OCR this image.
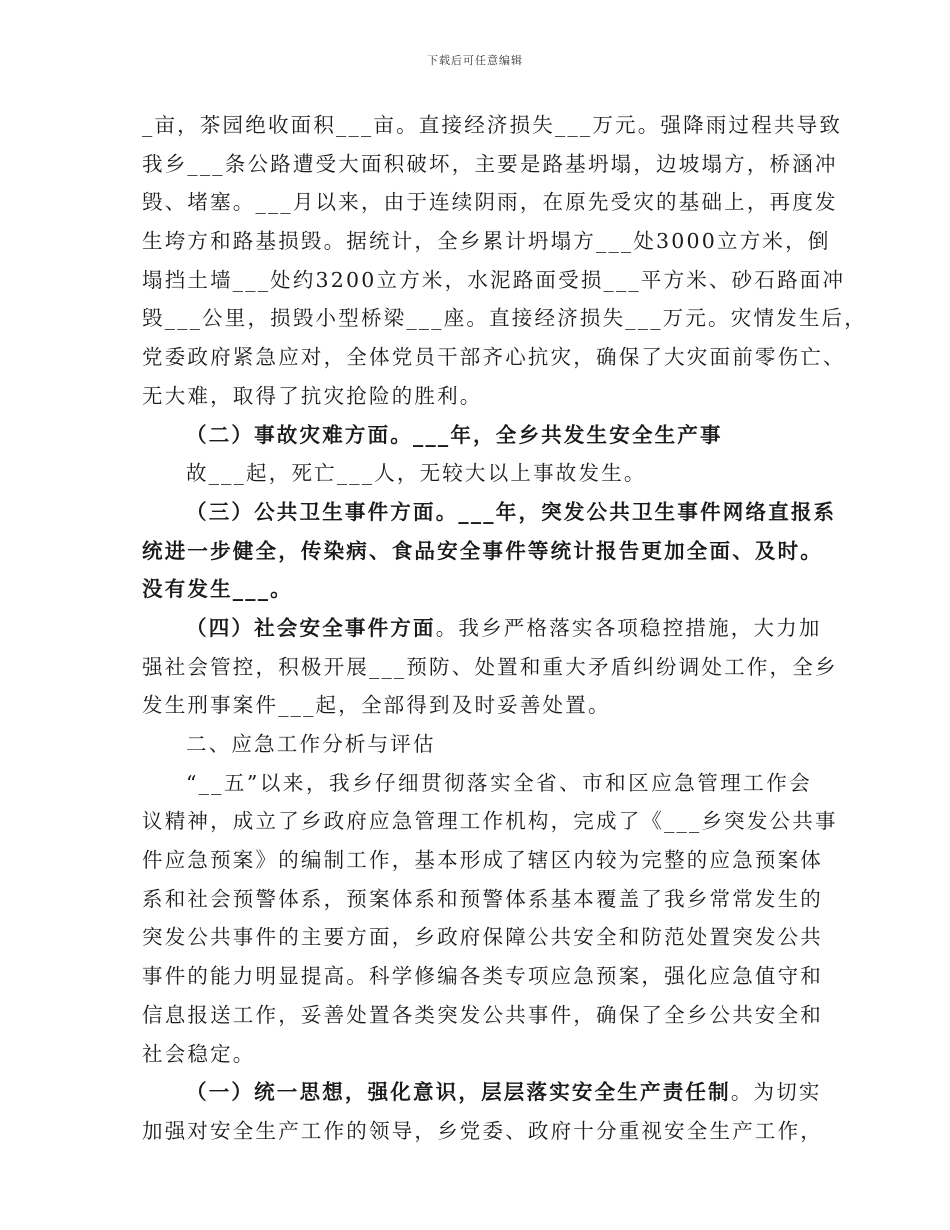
下载后可任意编辑
_亩，茶园绝收面积___亩。直接经济损失___万元。强降雨过程共导致
我乡___条公路遭受大面积破坏，主要是路基坍塌，边坡塌方，桥涵冲
毁、堵塞。___月以来，由于连续阴雨，在原先受灾的基础上，再度发
生垮方和路基损毁。据统计，全乡累计坍塌方___处3000立方米，倒
塌挡土墙___处约3200立方米，水泥路面受损___平方米、砂石路面冲
毁___公里，损毁小型桥梁___座。直接经济损失___万元。灾情发生后，
党委政府紧急应对，全体党员干部齐心抗灾，确保了大灾面前零伤亡、
无大难，取得了抗灾抢险的胜利。
（二）事故灾难方面。___年，全乡共发生安全生产事
故___起，死亡___人，无较大以上事故发生。
（三）公共卫生事件方面。___年，突发公共卫生事件网络直报系
统进一步健全，传染病、食品安全事件等统计报告更加全面、及时。
没有发生___。
（四）社会安全事件方面。我乡严格落实各项稳控措施，大力加
强社会管控，积极开展___预防、处置和重大矛盾纠纷调处工作，全乡
发生刑事案件___起，全部得到及时妥善处置。
二、应急工作分析与评估
“__五”以来，我乡仔细贯彻落实全省、市和区应急管理工作会
议精神，成立了乡政府应急管理工作机构，完成了《___乡突发公共事
件应急预案》的编制工作，基本形成了辖区内较为完整的应急预案体
系和社会预警体系，预案体系和预警体系基本覆盖了我乡常常发生的
突发公共事件的主要方面，乡政府保障公共安全和防范处置突发公共
事件的能力明显提高。科学修编各类专项应急预案，强化应急值守和
信息报送工作，妥善处置各类突发公共事件，确保了全乡公共安全和
社会稳定。
（一）统一思想，强化意识，层层落实安全生产责任制。为切实
加强对安全生产工作的领导，乡党委、政府十分重视安全生产工作，
